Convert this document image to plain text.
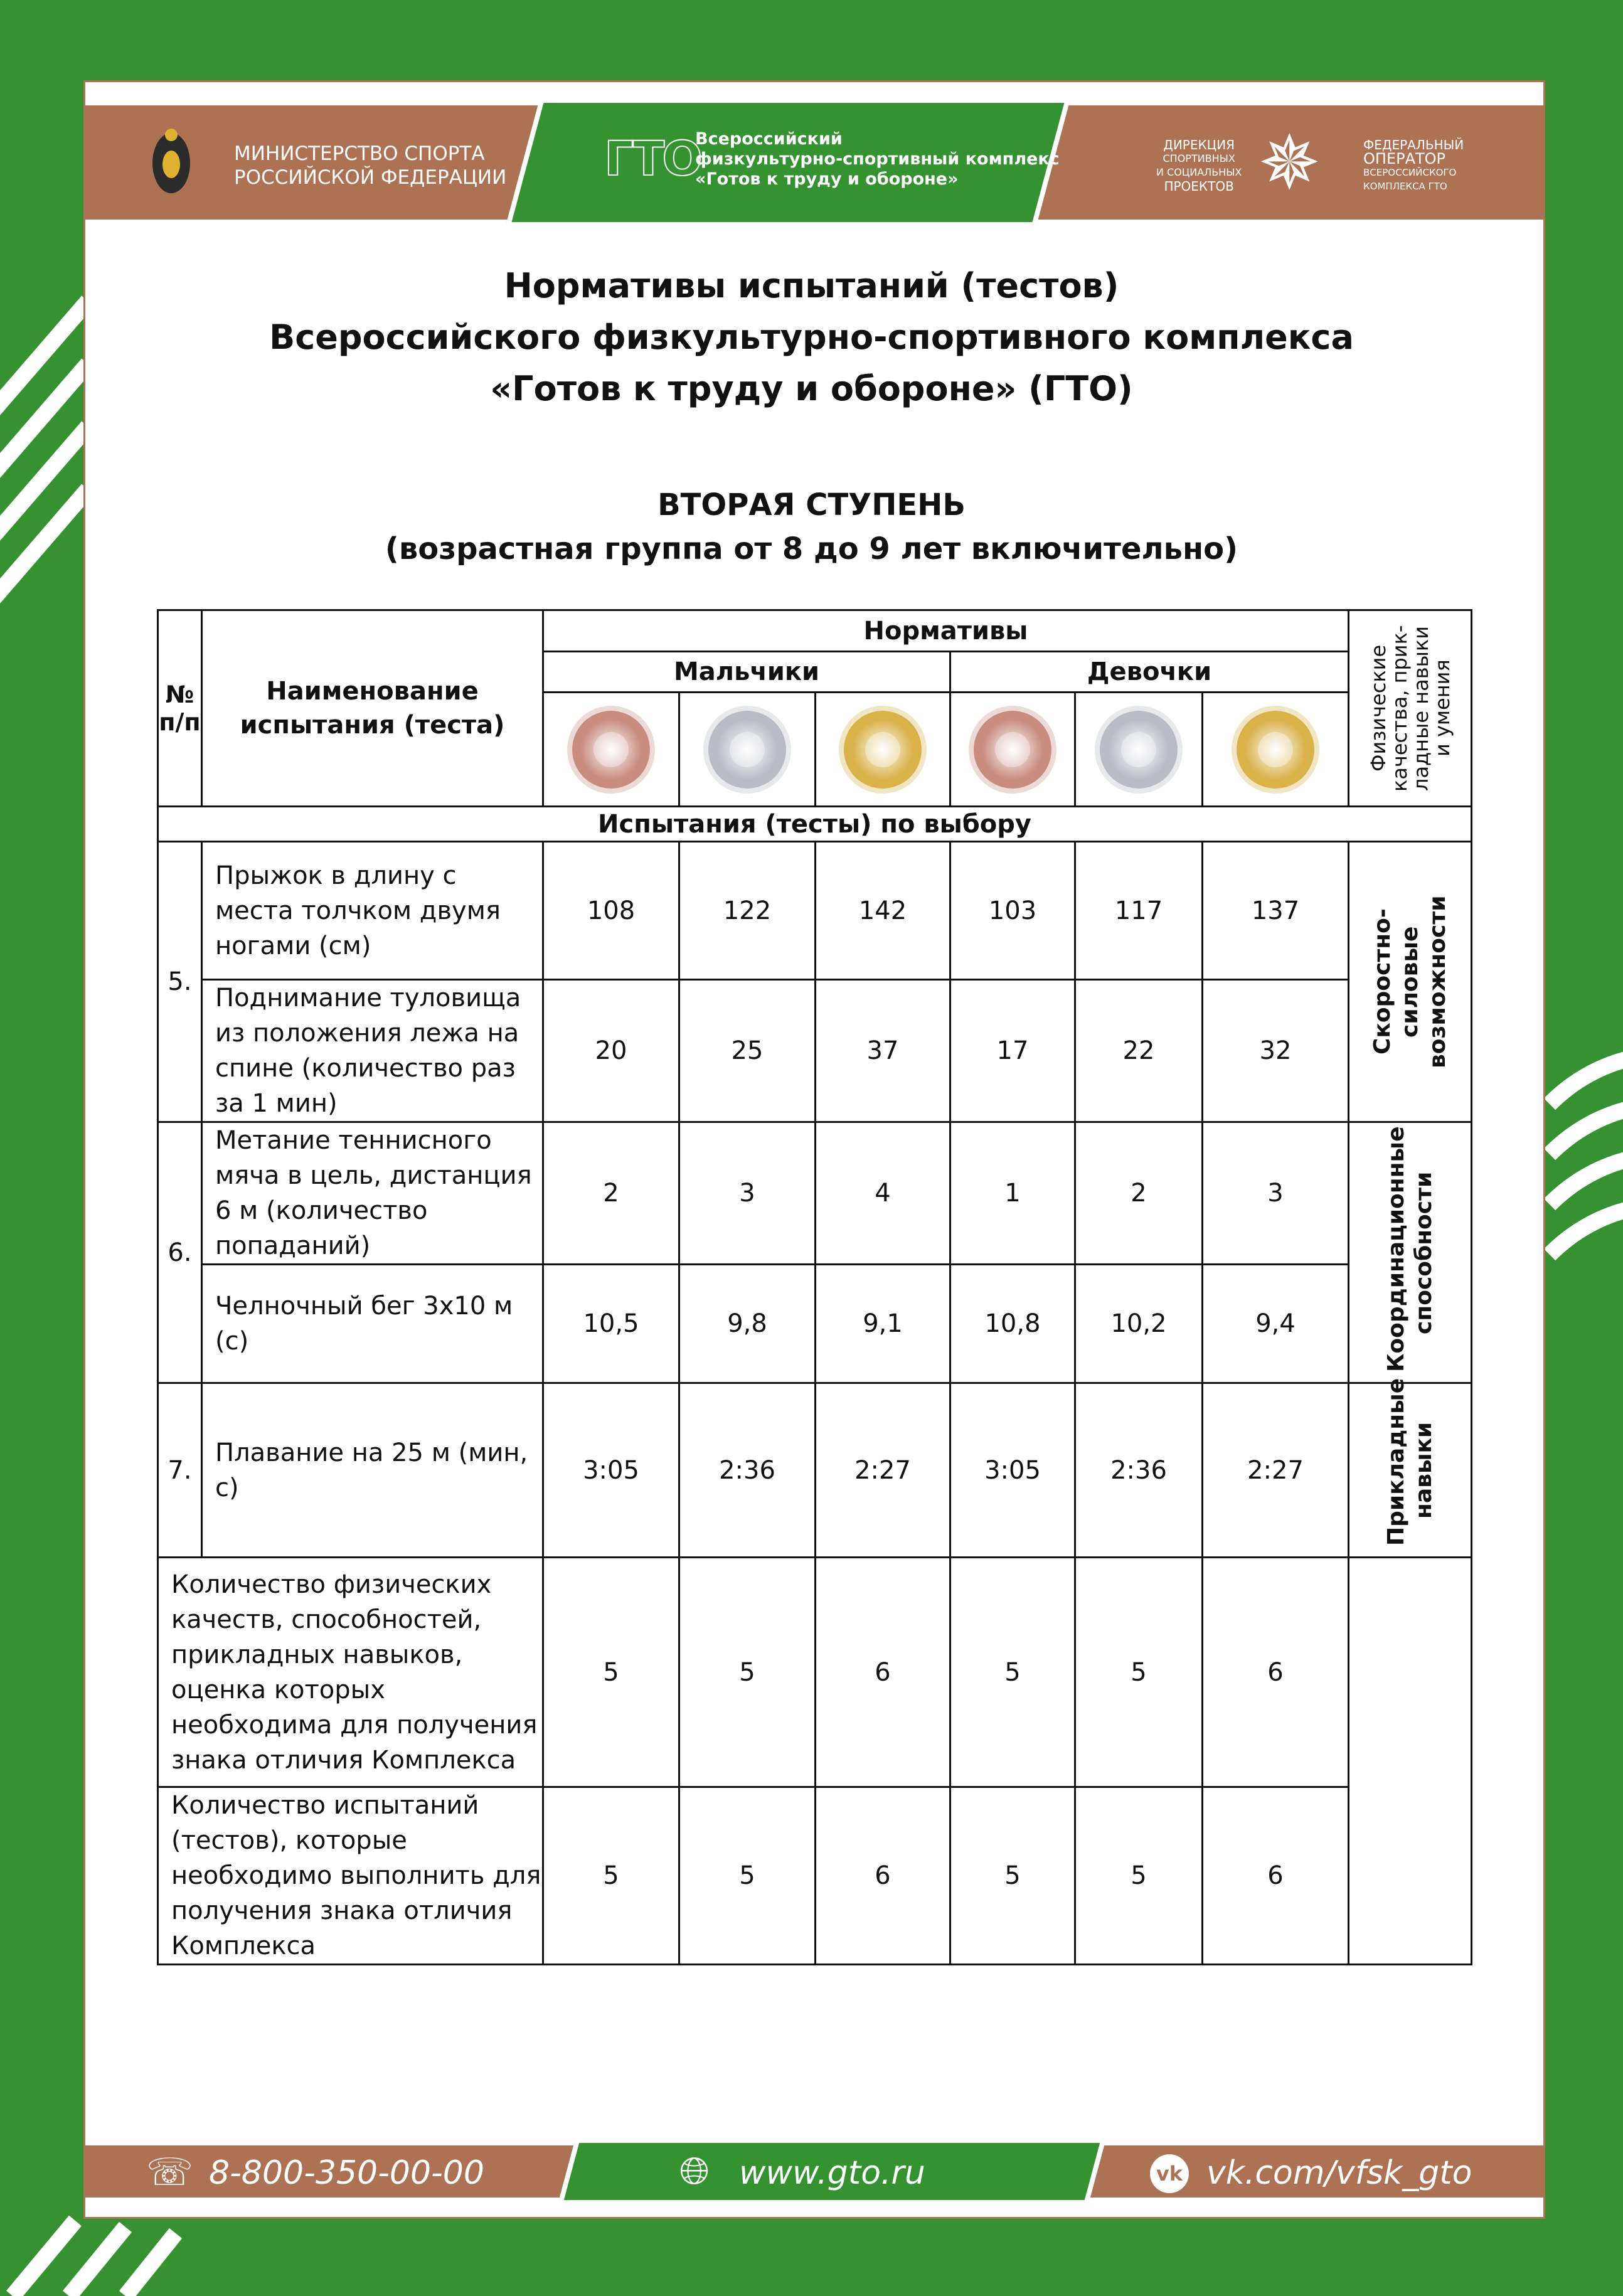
МИНИСТЕРСТВО СПОРТА
РОССИЙСКОЙ ФЕДЕРАЦИИ ГТО
Всероссийский
физкультурно-спортивный комплекс
«Готов к труду и обороне»
ДИРЕКЦИЯ
СПОРТИВНЫХ
И СОЦИАЛЬНЫХ
ПРОЕКТОВ ✵	ФЕДЕРАЛЬНЫЙ
ОПЕРАТОР
ВСЕРОССИЙСКОГО
КОМПЛЕКСА ГТО
Нормативы испытаний (тестов)
Всероссийского физкультурно-спортивного комплекса
«Готов к труду и обороне» (ГТО)
ВТОРАЯ СТУПЕНЬ
(возрастная группа от 8 до 9 лет включительно)
№ п/п	Наименование испытания (теста)	Нормативы						Физические качества, прик-ладные навыки и умения

		Мальчики			Девочки			

Испытания (тесты) по выбору								
5.	Прыжок в длину с места толчком двумя ногами (см)	108	122	142	103	117	137	Скоростно-силовые возможности

	Поднимание туловища из положения лежа на спине (количество раз за 1 мин)	20	25	37	17	22	32	
6.	Метание теннисного мяча в цель, дистанция 6 м (количество попаданий)	2	3	4	1	2	3	Координационные способности

	Челночный бег 3х10 м (с)	10,5	9,8	9,1	10,8	10,2	9,4	
7.	Плавание на 25 м (мин, с)	3:05	2:36	2:27	3:05	2:36	2:27	Прикладные навыки

Количество физических качеств, способностей, прикладных навыков, оценка которых необходима для получения знака отличия Комплекса		5	5	6	5	5	6	
Количество испытаний (тестов), которые необходимо выполнить для получения знака отличия Комплекса		5	5	6	5	5	6	
☏ 8-800-350-00-00	🌐︎ www.gto.ru	vk vk.com/vfsk_gto
